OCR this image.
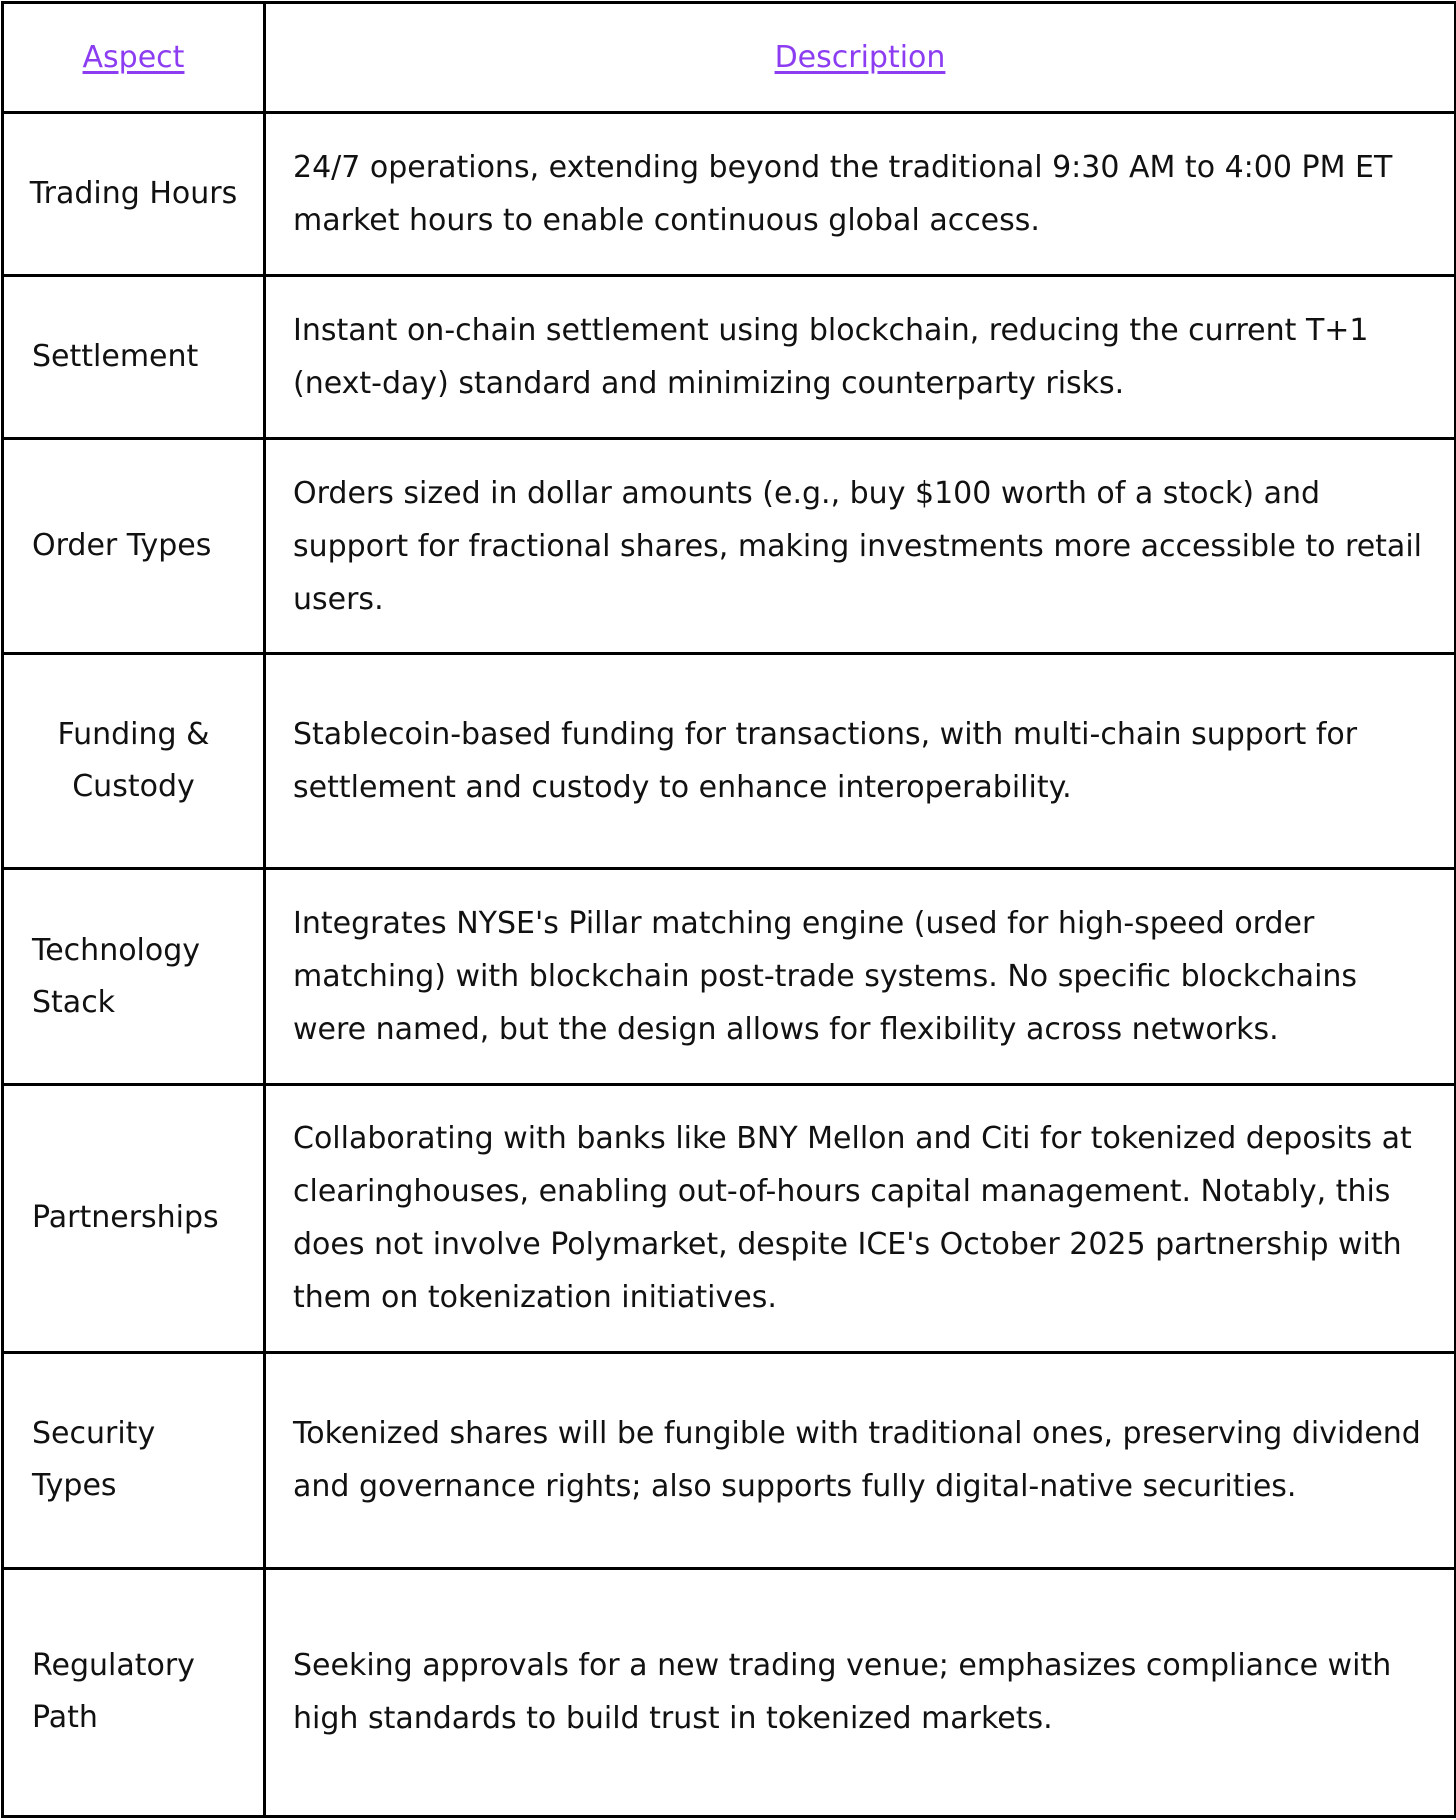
Aspect	Description
Trading Hours	24/7 operations, extending beyond the traditional 9:30 AM to 4:00 PM ET market hours to enable continuous global access.
Settlement	Instant on-chain settlement using blockchain, reducing the current T+1 (next-day) standard and minimizing counterparty risks.
Order Types	Orders sized in dollar amounts (e.g., buy $100 worth of a stock) and support for fractional shares, making investments more accessible to retail users.
Funding & Custody	Stablecoin-based funding for transactions, with multi-chain support for settlement and custody to enhance interoperability.
Technology Stack	Integrates NYSE's Pillar matching engine (used for high-speed order matching) with blockchain post-trade systems. No specific blockchains were named, but the design allows for flexibility across networks.
Partnerships	Collaborating with banks like BNY Mellon and Citi for tokenized deposits at clearinghouses, enabling out-of-hours capital management. Notably, this does not involve Polymarket, despite ICE's October 2025 partnership with them on tokenization initiatives.
Security Types	Tokenized shares will be fungible with traditional ones, preserving dividend and governance rights; also supports fully digital-native securities.
Regulatory Path	Seeking approvals for a new trading venue; emphasizes compliance with high standards to build trust in tokenized markets.
